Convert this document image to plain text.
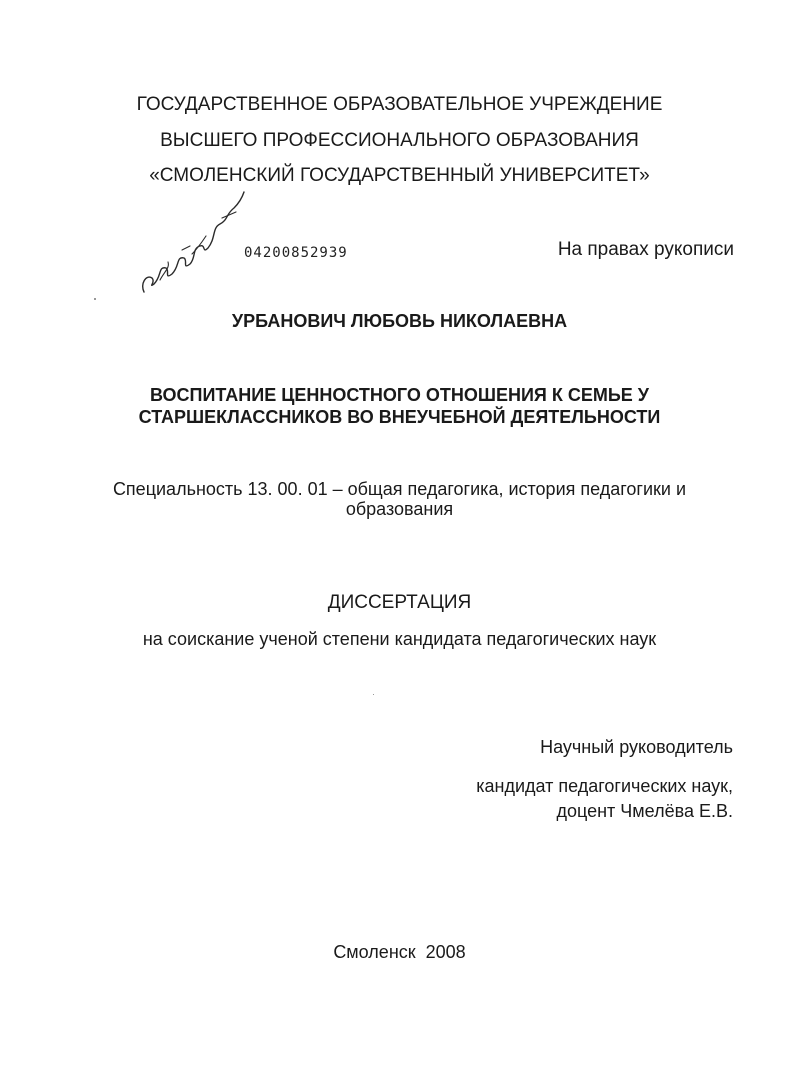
ГОСУДАРСТВЕННОЕ ОБРАЗОВАТЕЛЬНОЕ УЧРЕЖДЕНИЕ
ВЫСШЕГО ПРОФЕССИОНАЛЬНОГО ОБРАЗОВАНИЯ
«СМОЛЕНСКИЙ ГОСУДАРСТВЕННЫЙ УНИВЕРСИТЕТ»
04200852939	На правах рукописи
УРБАНОВИЧ ЛЮБОВЬ НИКОЛАЕВНА
ВОСПИТАНИЕ ЦЕННОСТНОГО ОТНОШЕНИЯ К СЕМЬЕ У
СТАРШЕКЛАССНИКОВ ВО ВНЕУЧЕБНОЙ ДЕЯТЕЛЬНОСТИ
Специальность 13. 00. 01 – общая педагогика, история педагогики и
образования
ДИССЕРТАЦИЯ
на соискание ученой степени кандидата педагогических наук
Научный руководитель
кандидат педагогических наук,
доцент Чмелёва Е.В.
Смоленск  2008
